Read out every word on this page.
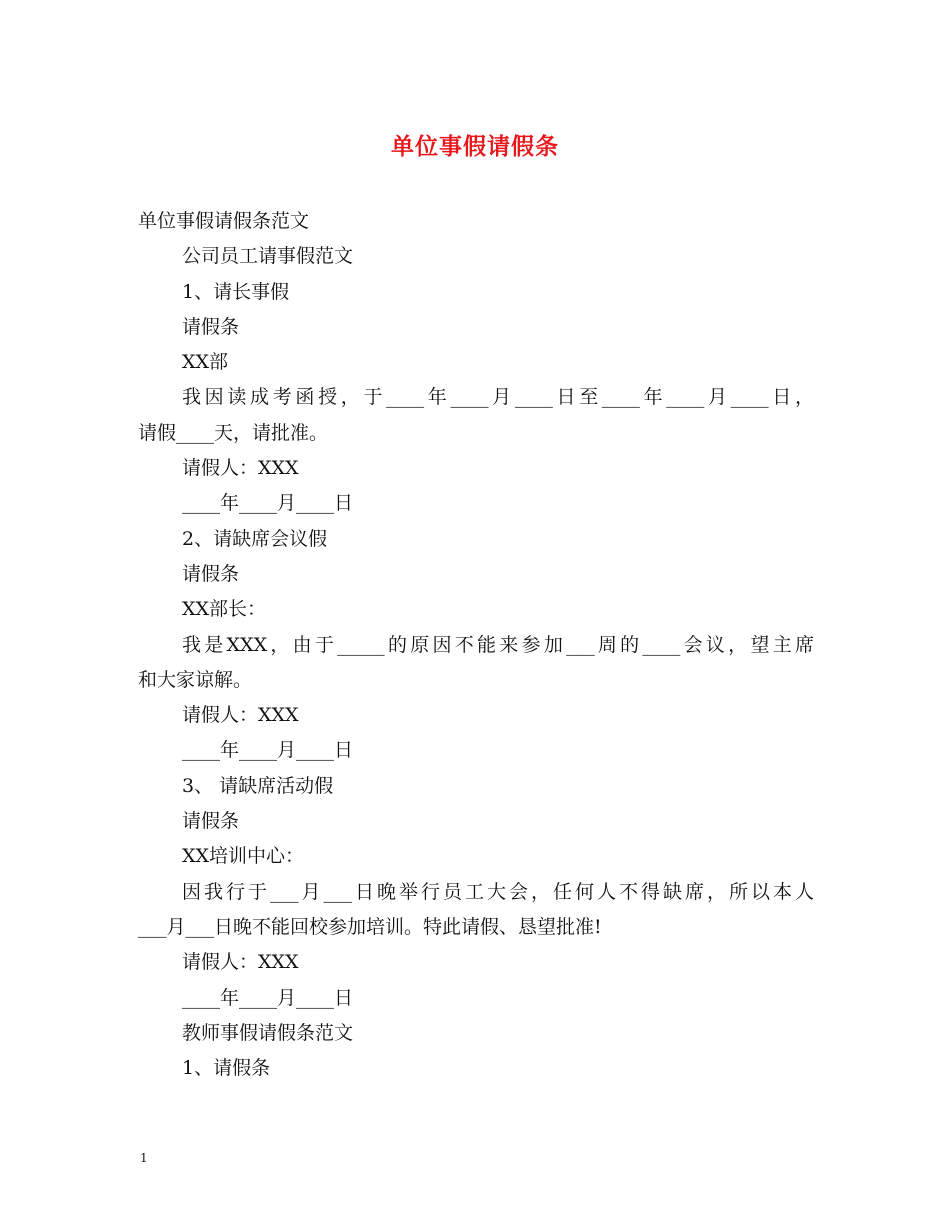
单位事假请假条
单位事假请假条范文
公司员工请事假范文
1、请长事假
请假条
XX部
我因读成考函授，于____年____月____日至____年____月____日，
请假____天，请批准。
请假人：XXX
____年____月____日
2、请缺席会议假
请假条
XX部长：
我是XXX，由于_____的原因不能来参加___周的____会议，望主席
和大家谅解。
请假人：XXX
____年____月____日
3、 请缺席活动假
请假条
XX培训中心：
因我行于___月___日晚举行员工大会，任何人不得缺席，所以本人
___月___日晚不能回校参加培训。特此请假、恳望批准!
请假人：XXX
____年____月____日
教师事假请假条范文
1、请假条
1
